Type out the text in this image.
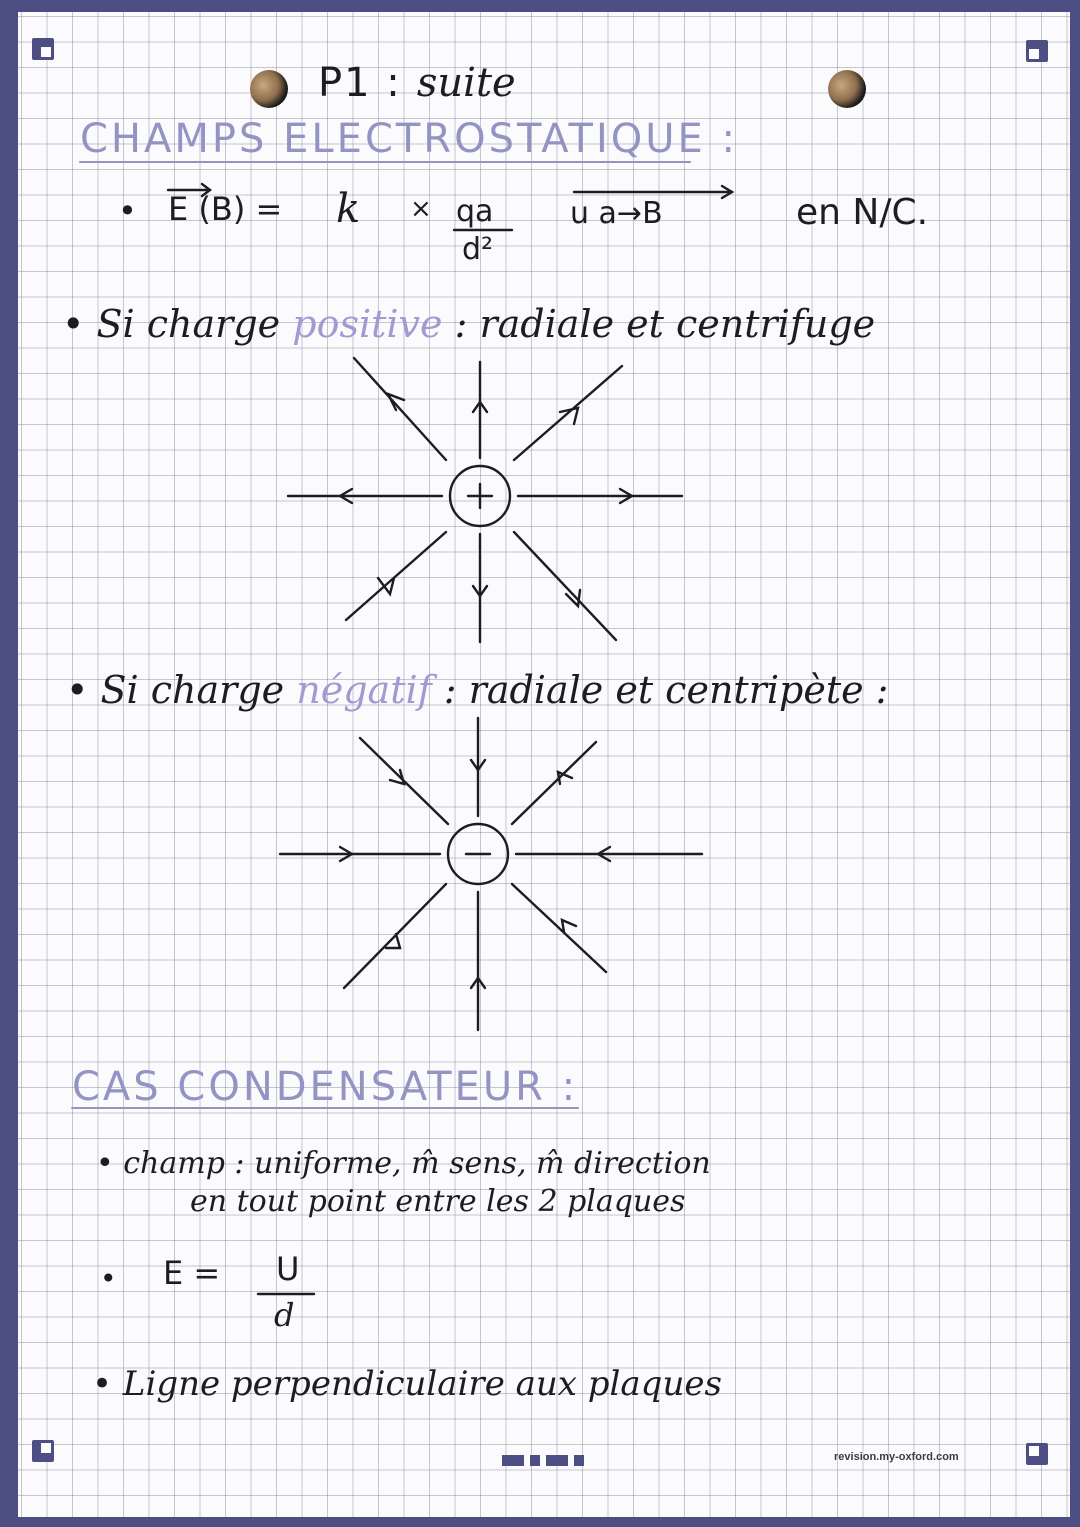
P1 : suite
CHAMPS ELECTROSTATIQUE :
• E (B) = k × qa
d²
u a→B	en N/C.
• Si charge positive : radiale et centrifuge
• Si charge négatif : radiale et centripète :
CAS CONDENSATEUR :
• champ : uniforme, m̂ sens, m̂ direction
en tout point entre les 2 plaques
• E = U
d
• Ligne perpendiculaire aux plaques
revision.my-oxford.com
